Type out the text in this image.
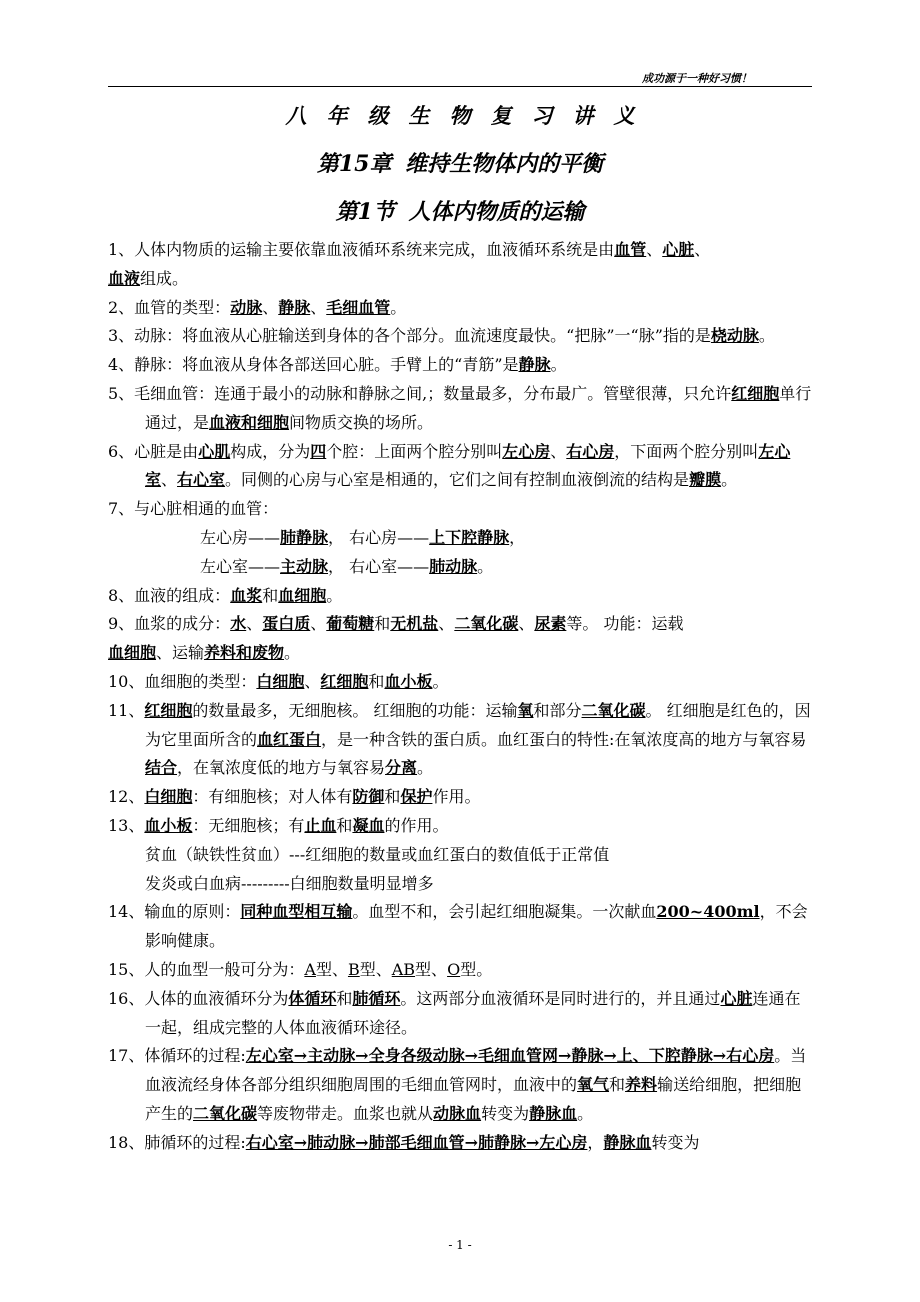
成功源于一种好习惯！
八年级生物复习讲义
第15章 维持生物体内的平衡
第1节 人体内物质的运输

1、人体内物质的运输主要依靠血液循环系统来完成，血液循环系统是由血管、心脏、

血液组成。

2、血管的类型：动脉、静脉、毛细血管。

3、动脉：将血液从心脏输送到身体的各个部分。血流速度最快。“把脉”一“脉”指的是桡动脉。

4、静脉：将血液从身体各部送回心脏。手臂上的“青筋”是静脉。

5、毛细血管：连通于最小的动脉和静脉之间,；数量最多，分布最广。管壁很薄，只允许红细胞单行通过，是血液和细胞间物质交换的场所。

6、心脏是由心肌构成，分为四个腔：上面两个腔分别叫左心房、右心房，下面两个腔分别叫左心室、右心室。同侧的心房与心室是相通的，它们之间有控制血液倒流的结构是瓣膜。

7、与心脏相通的血管：

左心房——肺静脉， 右心房——上下腔静脉，

左心室——主动脉， 右心室——肺动脉。

8、血液的组成：血浆和血细胞。

9、血浆的成分：水、蛋白质、葡萄糖和无机盐、二氧化碳、尿素等。 功能：运载

血细胞、运输养料和废物。

10、血细胞的类型：白细胞、红细胞和血小板。

11、红细胞的数量最多，无细胞核。 红细胞的功能：运输氧和部分二氧化碳。 红细胞是红色的，因为它里面所含的血红蛋白，是一种含铁的蛋白质。血红蛋白的特性:在氧浓度高的地方与氧容易结合，在氧浓度低的地方与氧容易分离。

12、白细胞：有细胞核；对人体有防御和保护作用。

13、血小板：无细胞核；有止血和凝血的作用。

贫血（缺铁性贫血）---红细胞的数量或血红蛋白的数值低于正常值

发炎或白血病---------白细胞数量明显增多

14、输血的原则：同种血型相互输。血型不和，会引起红细胞凝集。一次献血200~400ml，不会影响健康。

15、人的血型一般可分为：A型、B型、AB型、O型。

16、人体的血液循环分为体循环和肺循环。这两部分血液循环是同时进行的，并且通过心脏连通在一起，组成完整的人体血液循环途径。

17、体循环的过程:左心室→主动脉→全身各级动脉→毛细血管网→静脉→上、下腔静脉→右心房。当血液流经身体各部分组织细胞周围的毛细血管网时，血液中的氧气和养料输送给细胞，把细胞产生的二氧化碳等废物带走。血浆也就从动脉血转变为静脉血。

18、肺循环的过程:右心室→肺动脉→肺部毛细血管→肺静脉→左心房，静脉血转变为

- 1 -
